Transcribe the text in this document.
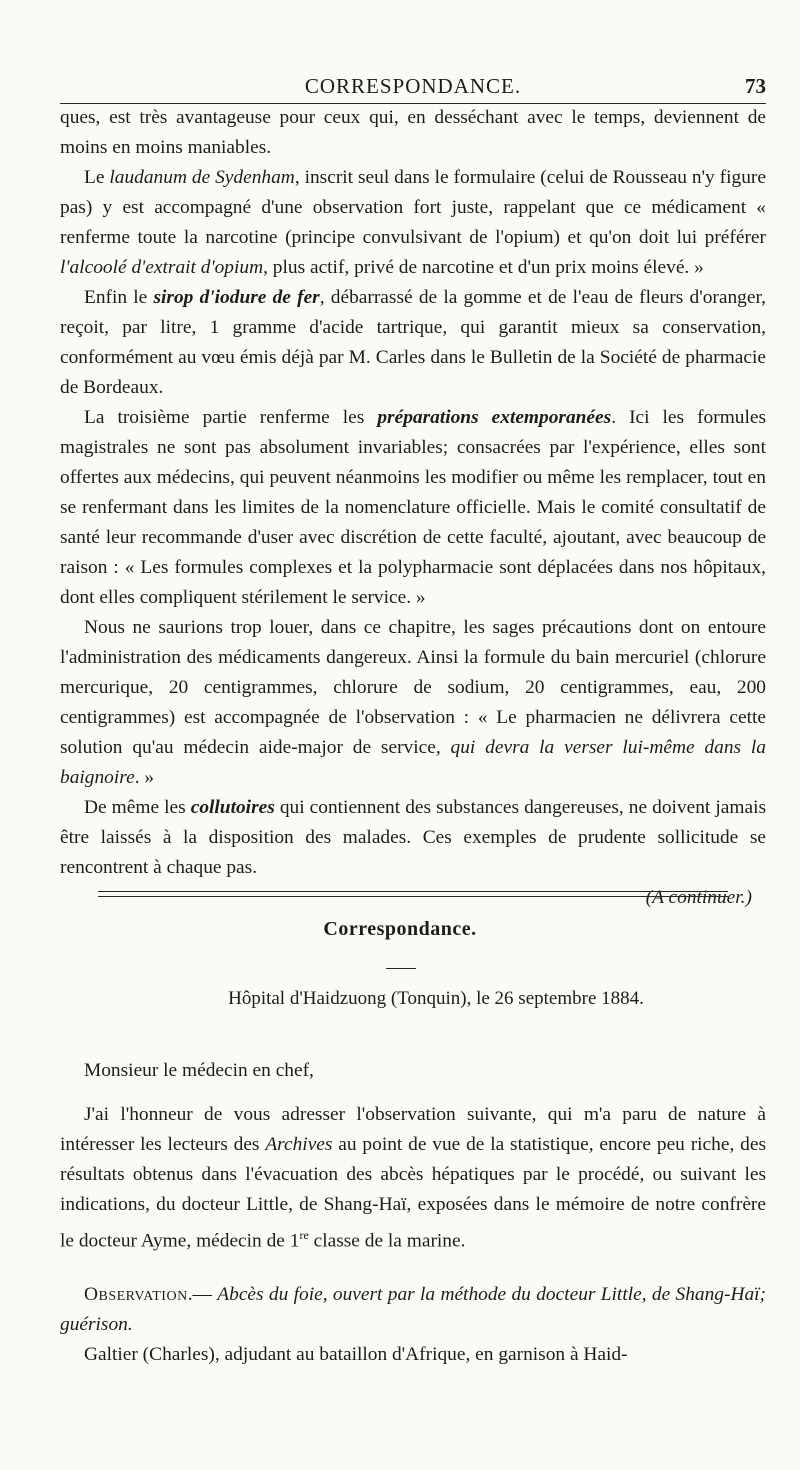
CORRESPONDANCE.	73

ques, est très avantageuse pour ceux qui, en desséchant avec le temps, deviennent de moins en moins maniables.

Le laudanum de Sydenham, inscrit seul dans le formulaire (celui de Rousseau n'y figure pas) y est accompagné d'une observation fort juste, rappelant que ce médicament « renferme toute la narcotine (principe convulsivant de l'opium) et qu'on doit lui préférer l'alcoolé d'extrait d'opium, plus actif, privé de narcotine et d'un prix moins élevé. »

Enfin le sirop d'iodure de fer, débarrassé de la gomme et de l'eau de fleurs d'oranger, reçoit, par litre, 1 gramme d'acide tartrique, qui garantit mieux sa conservation, conformément au vœu émis déjà par M. Carles dans le Bulletin de la Société de pharmacie de Bordeaux.

La troisième partie renferme les préparations extemporanées. Ici les formules magistrales ne sont pas absolument invariables; consacrées par l'expérience, elles sont offertes aux médecins, qui peuvent néanmoins les modifier ou même les remplacer, tout en se renfermant dans les limites de la nomenclature officielle. Mais le comité consultatif de santé leur recommande d'user avec discrétion de cette faculté, ajoutant, avec beaucoup de raison : « Les formules complexes et la polypharmacie sont déplacées dans nos hôpitaux, dont elles compliquent stérilement le service. »

Nous ne saurions trop louer, dans ce chapitre, les sages précautions dont on entoure l'administration des médicaments dangereux. Ainsi la formule du bain mercuriel (chlorure mercurique, 20 centigrammes, chlorure de sodium, 20 centigrammes, eau, 200 centigrammes) est accompagnée de l'observation : « Le pharmacien ne délivrera cette solution qu'au médecin aide-major de service, qui devra la verser lui-même dans la baignoire. »

De même les collutoires qui contiennent des substances dangereuses, ne doivent jamais être laissés à la disposition des malades. Ces exemples de prudente sollicitude se rencontrent à chaque pas.

(A continuer.)

Correspondance.
Hôpital d'Haidzuong (Tonquin), le 26 septembre 1884.
Monsieur le médecin en chef,

J'ai l'honneur de vous adresser l'observation suivante, qui m'a paru de nature à intéresser les lecteurs des Archives au point de vue de la statistique, encore peu riche, des résultats obtenus dans l'évacuation des abcès hépatiques par le procédé, ou suivant les indications, du docteur Little, de Shang-Haï, exposées dans le mémoire de notre confrère le docteur Ayme, médecin de 1re classe de la marine.

Observation.— Abcès du foie, ouvert par la méthode du docteur Little, de Shang-Haï; guérison.

Galtier (Charles), adjudant au bataillon d'Afrique, en garnison à Haid-
